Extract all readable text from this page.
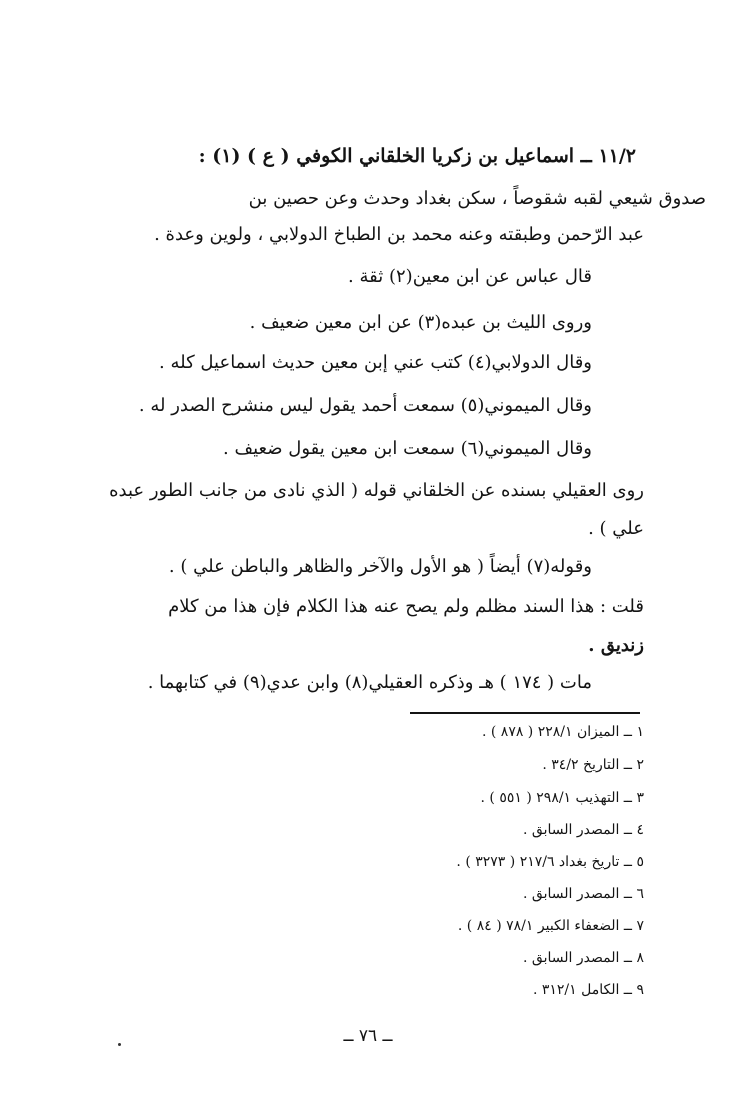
١١/٢ ــ اسماعيل بن زكريا الخلقاني الكوفي ( ع ) (١) :
صدوق شيعي لقبه شقوصاً ، سكن بغداد وحدث وعن حصين بن
عبد الرّحمن وطبقته وعنه محمد بن الطباخ الدولابي ، ولوين وعدة .
قال عباس عن ابن معين(٢) ثقة .
وروى الليث بن عبده(٣) عن ابن معين ضعيف .
وقال الدولابي(٤) كتب عني إبن معين حديث اسماعيل كله .
وقال الميموني(٥) سمعت أحمد يقول ليس منشرح الصدر له .
وقال الميموني(٦) سمعت ابن معين يقول ضعيف .
روى العقيلي بسنده عن الخلقاني قوله ( الذي نادى من جانب الطور عبده
علي ) .
وقوله(٧) أيضاً ( هو الأول والآخر والظاهر والباطن علي ) .
قلت : هذا السند مظلم ولم يصح عنه هذا الكلام فإن هذا من كلام
زنديق .
مات ( ١٧٤ ) هـ وذكره العقيلي(٨) وابن عدي(٩) في كتابهما .
١ ــ الميزان ٢٢٨/١ ( ٨٧٨ ) .
٢ ــ التاريخ ٣٤/٢ .
٣ ــ التهذيب ٢٩٨/١ ( ٥٥١ ) .
٤ ــ المصدر السابق .
٥ ــ تاريخ بغداد ٢١٧/٦ ( ٣٢٧٣ ) .
٦ ــ المصدر السابق .
٧ ــ الضعفاء الكبير ٧٨/١ ( ٨٤ ) .
٨ ــ المصدر السابق .
٩ ــ الكامل ٣١٢/١ .
ــ ٧٦ ــ
